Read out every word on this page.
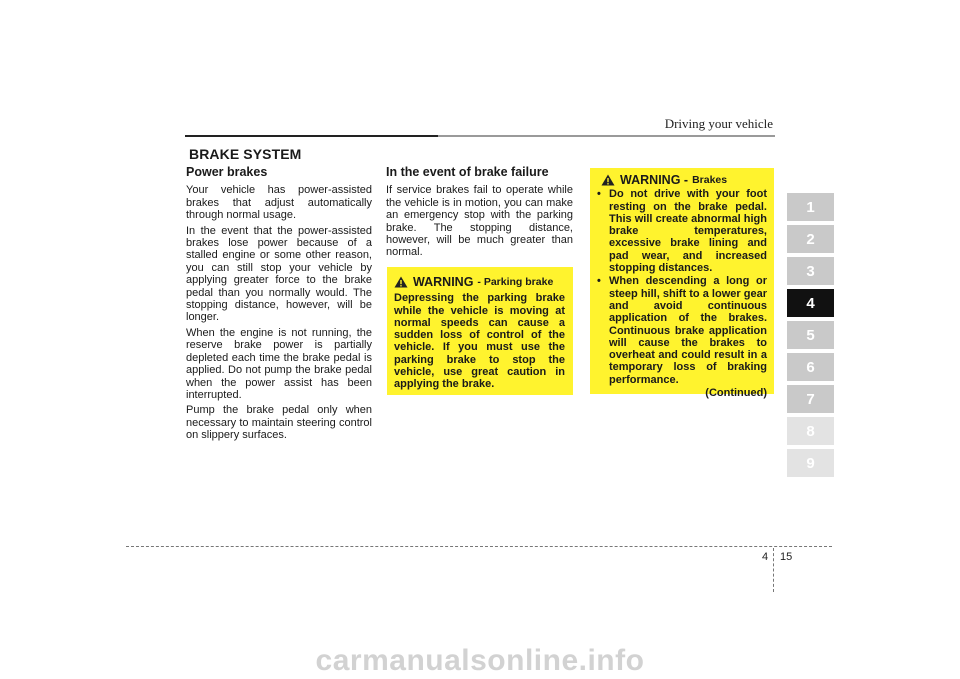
Driving your vehicle
BRAKE SYSTEM
Power brakes

Your vehicle has power-assisted brakes that adjust automatically through normal usage.

In the event that the power-assisted brakes lose power because of a stalled engine or some other reason, you can still stop your vehicle by applying greater force to the brake pedal than you normally would. The stopping distance, however, will be longer.

When the engine is not running, the reserve brake power is partially depleted each time the brake pedal is applied. Do not pump the brake pedal when the power assist has been interrupted.

Pump the brake pedal only when necessary to maintain steering control on slippery surfaces.

In the event of brake failure

If service brakes fail to operate while the vehicle is in motion, you can make an emergency stop with the parking brake. The stopping distance, however, will be much greater than normal.

WARNING - Parking brake
Depressing the parking brake while the vehicle is moving at normal speeds can cause a sudden loss of control of the vehicle. If you must use the parking brake to stop the vehicle, use great caution in applying the brake.
WARNING - Brakes
• Do not drive with your foot resting on the brake pedal. This will create abnormal high brake temperatures, excessive brake lining and pad wear, and increased stopping distances.
• When descending a long or steep hill, shift to a lower gear and avoid continuous application of the brakes. Continuous brake application will cause the brakes to overheat and could result in a temporary loss of braking performance.
(Continued)
1
2
3
4
5
6
7
8
9
4 15
carmanualsonline.info
